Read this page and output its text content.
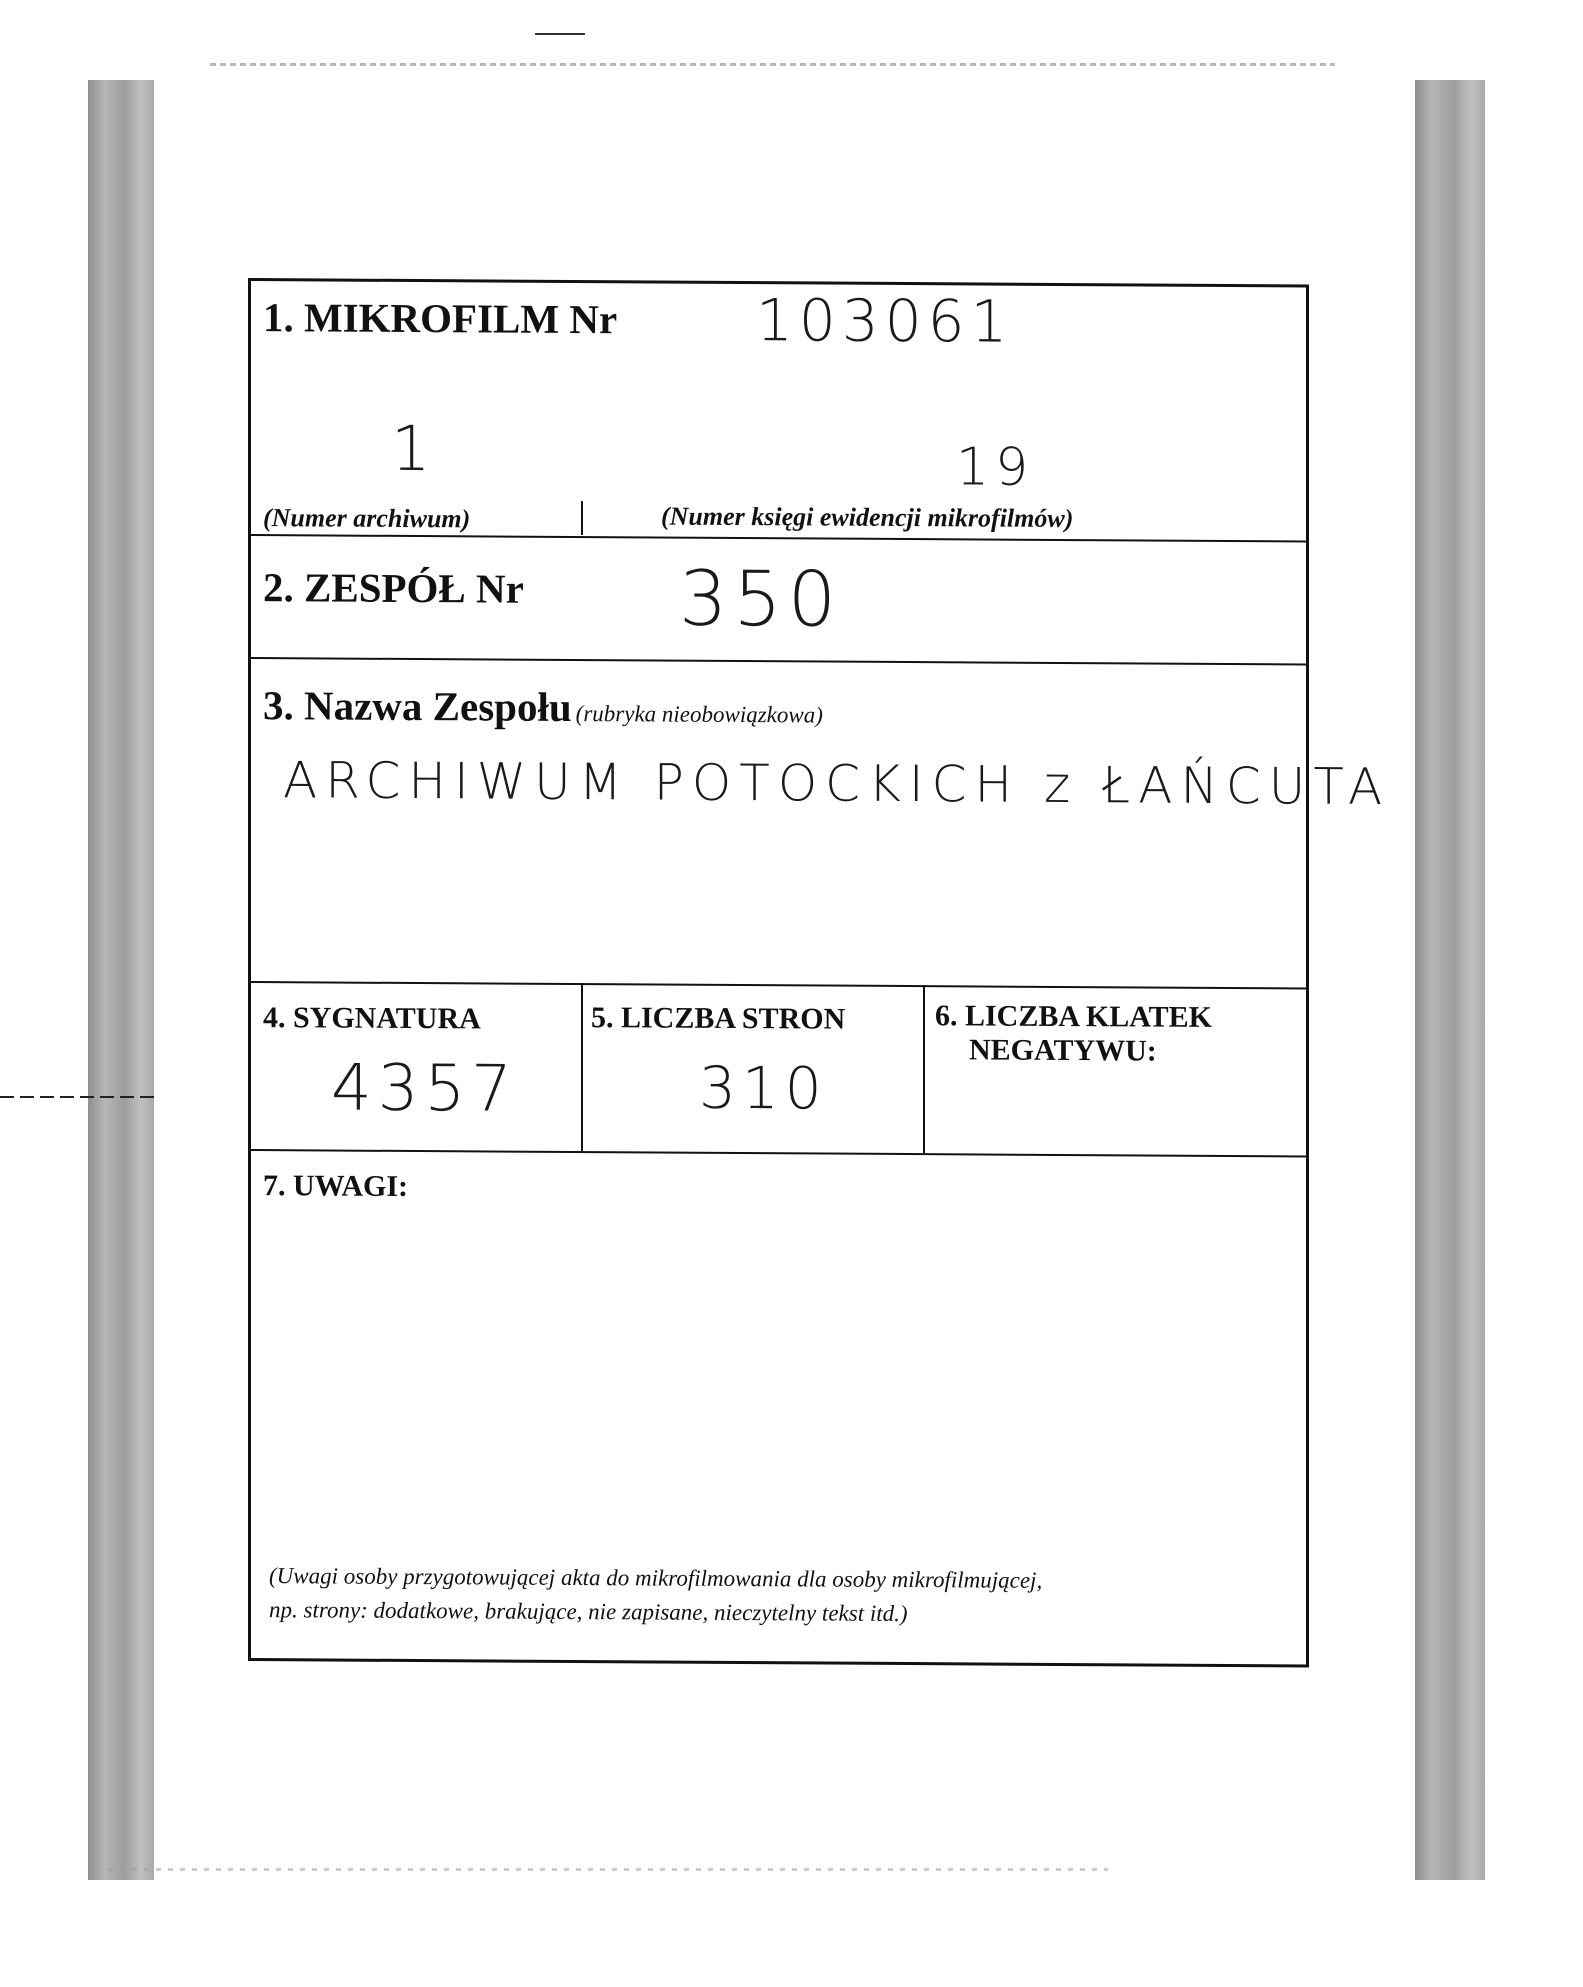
1. MIKROFILM Nr 103061
1	19
(Numer archiwum)	(Numer księgi ewidencji mikrofilmów)
2. ZESPÓŁ Nr 350
3. Nazwa Zespołu (rubryka nieobowiązkowa)
ARCHIWUM POTOCKICH z ŁAŃCUTA
4. SYGNATURA
4357
5. LICZBA STRON
310
6. LICZBA KLATEK
NEGATYWU:
7. UWAGI:
(Uwagi osoby przygotowującej akta do mikrofilmowania dla osoby mikrofilmującej,
np. strony: dodatkowe, brakujące, nie zapisane, nieczytelny tekst itd.)
